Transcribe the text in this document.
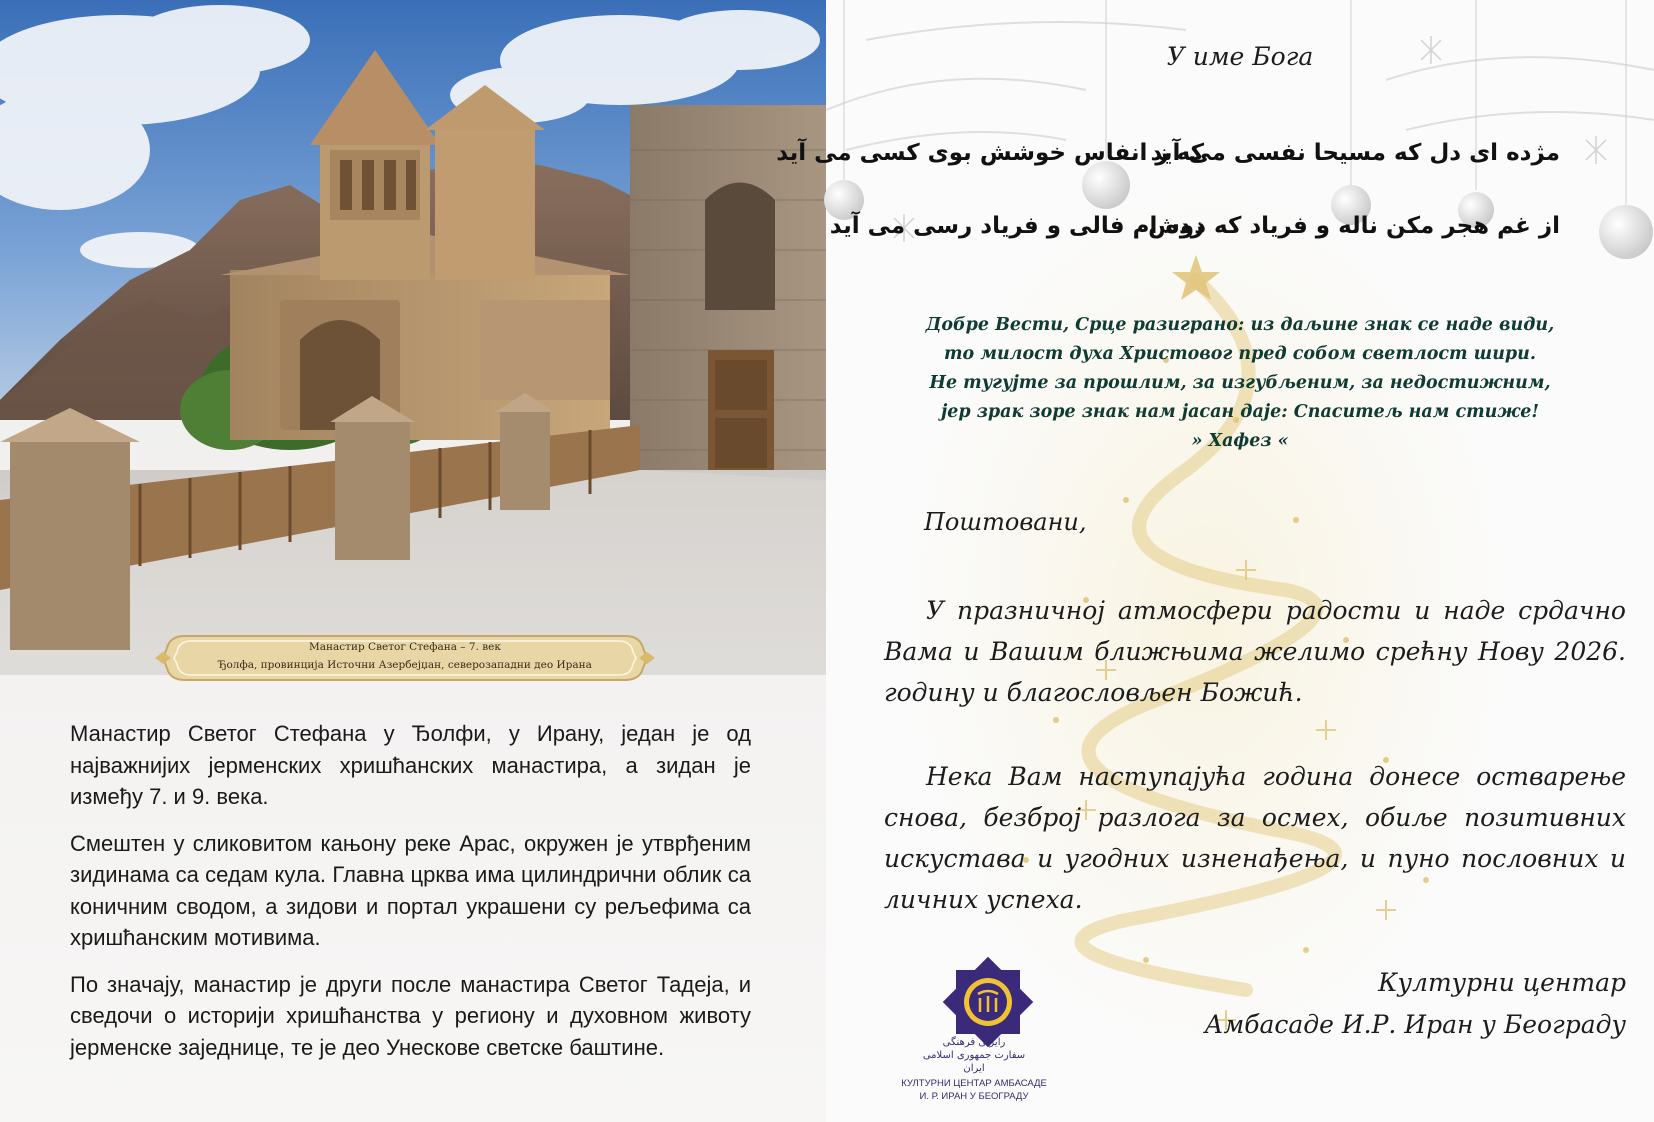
Манастир Светог Стефана – 7. век
Ђолфа, провинција Источни Азербејџан, северозападни део Ирана

Манастир Светог Стефана у Ђолфи, у Ирану, један је од најважнијих јерменских хришћанских манастира, а зидан је између 7. и 9. века.

Смештен у сликовитом кањону реке Арас, окружен је утврђеним зидинама са седам кула. Главна црква има цилиндрични облик са коничним сводом, а зидови и портал украшени су рељефима са хришћанским мотивима.

По значају, манастир је други после манастира Светог Тадеја, и сведочи о историји хришћанства у региону и духовном животу јерменске заједнице, те је део Унескове светске баштине.

У име Бога
مژده ای دل که مسیحا نفسی می آید
که ز انفاس خوشش بوی کسی می آید
از غم هجر مکن ناله و فریاد که دوش
زده ام فالی و فریاد رسی می آید
Добре Вести, Срце разиграно: из даљине знак се наде види,
то милост духа Христовог пред собом светлост шири.
Не тугујте за прошлим, за изгубљеним, за недостижним,
јер зрак зоре знак нам јасан даје: Спаситељ нам стиже!
» Хафез «
Поштовани,
У празничној атмосфери радости и наде срдачно Вама и Вашим ближњима желимо срећну Нову 2026. годину и благословљен Божић.
Нека Вам наступајућа година донесе остварење снова, безброј разлога за осмех, обиље позитивних искустава и угодних изненађења, и пуно пословних и личних успеха.
Културни центар
Амбасаде И.Р. Иран у Београду
رایزنی فرهنگی
سفارت جمهوری اسلامی ایران
КУЛТУРНИ ЦЕНТАР АМБАСАДЕ
И. Р. ИРАН У БЕОГРАДУ
